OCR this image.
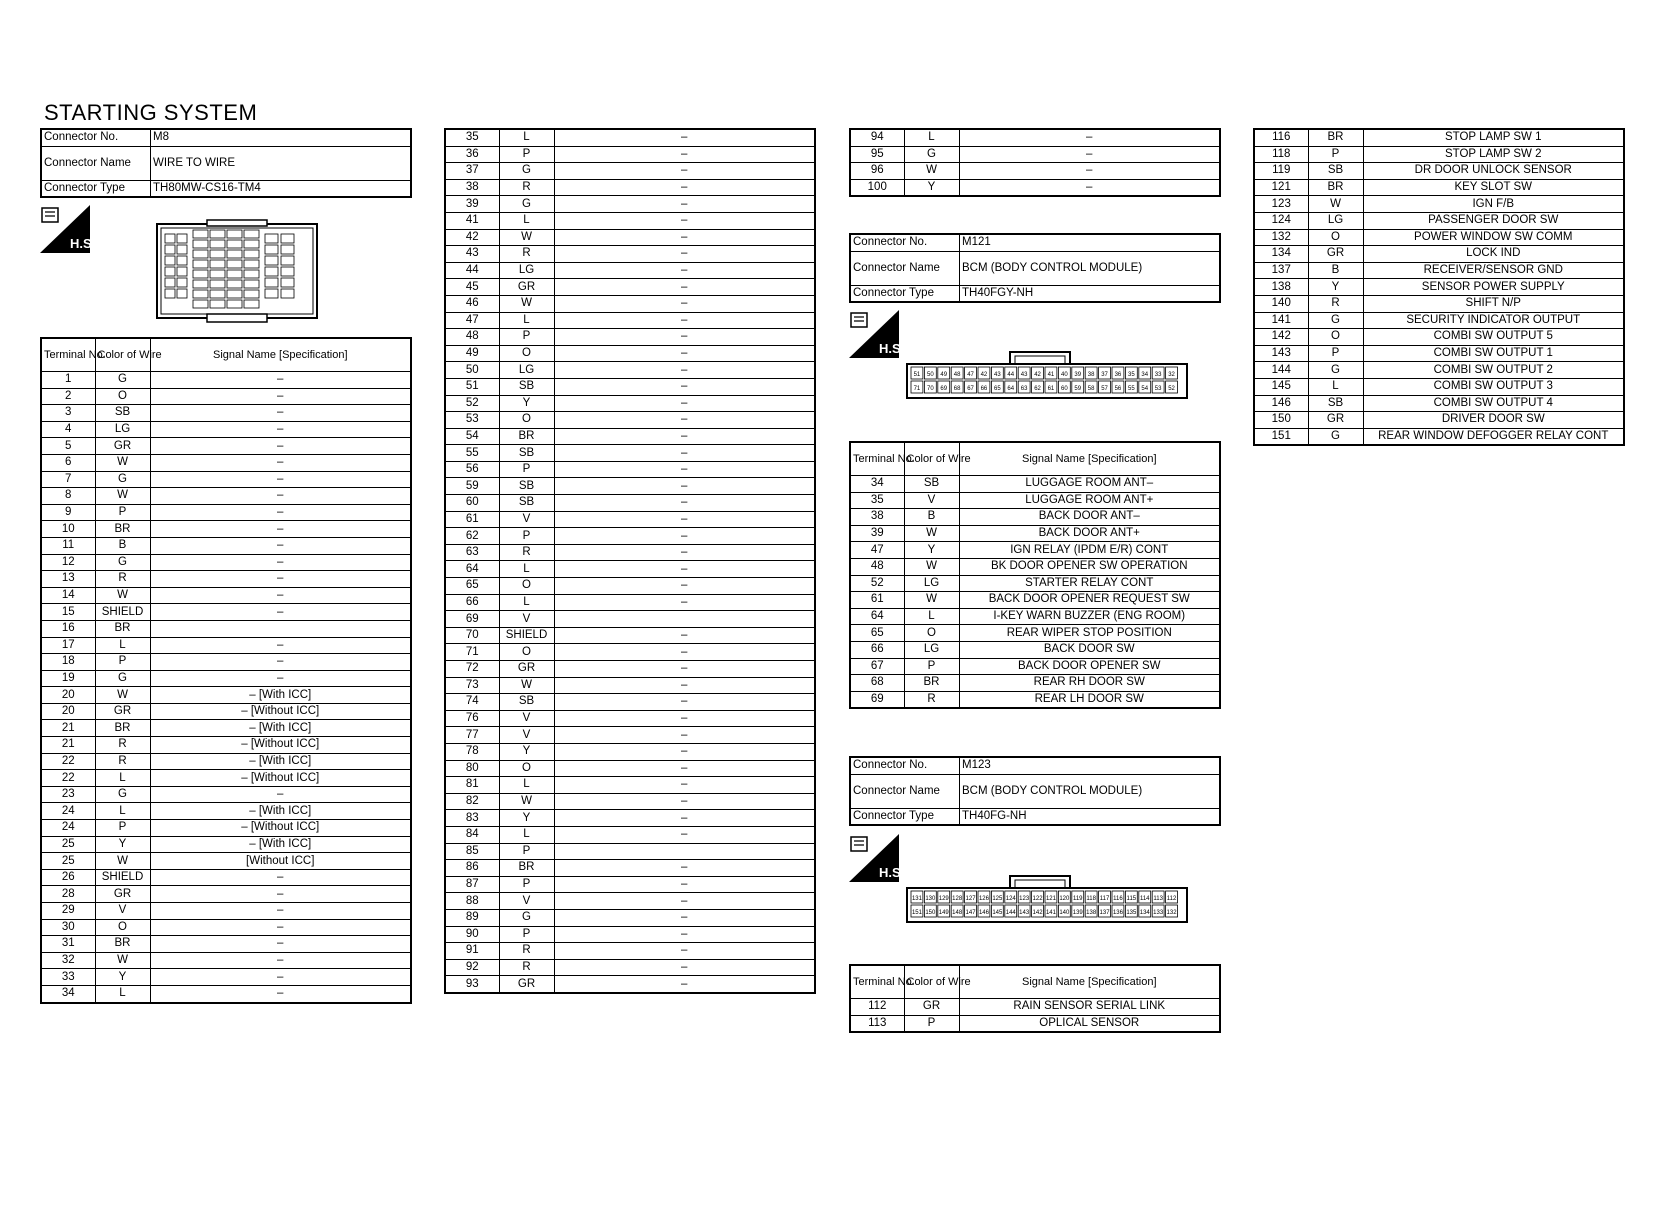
STARTING SYSTEM
Connector No.	M8
Connector Name	WIRE TO WIRE
Connector Type	TH80MW-CS16-TM4
H.S.
Terminal No.	Color of Wire	Signal Name [Specification]
1	G	–
2	O	–
3	SB	–
4	LG	–
5	GR	–
6	W	–
7	G	–
8	W	–
9	P	–
10	BR	–
11	B	–
12	G	–
13	R	–
14	W	–
15	SHIELD	–
16	BR	
17	L	–
18	P	–
19	G	–
20	W	– [With ICC]
20	GR	– [Without ICC]
21	BR	– [With ICC]
21	R	– [Without ICC]
22	R	– [With ICC]
22	L	– [Without ICC]
23	G	–
24	L	– [With ICC]
24	P	– [Without ICC]
25	Y	– [With ICC]
25	W	[Without ICC]
26	SHIELD	–
28	GR	–
29	V	–
30	O	–
31	BR	–
32	W	–
33	Y	–
34	L	–
35	L	–
36	P	–
37	G	–
38	R	–
39	G	–
41	L	–
42	W	–
43	R	–
44	LG	–
45	GR	–
46	W	–
47	L	–
48	P	–
49	O	–
50	LG	–
51	SB	–
52	Y	–
53	O	–
54	BR	–
55	SB	–
56	P	–
59	SB	–
60	SB	–
61	V	–
62	P	–
63	R	–
64	L	–
65	O	–
66	L	–
69	V	
70	SHIELD	–
71	O	–
72	GR	–
73	W	–
74	SB	–
76	V	–
77	V	–
78	Y	–
80	O	–
81	L	–
82	W	–
83	Y	–
84	L	–
85	P	
86	BR	–
87	P	–
88	V	–
89	G	–
90	P	–
91	R	–
92	R	–
93	GR	–
94	L	–
95	G	–
96	W	–
100	Y	–
Connector No.	M121
Connector Name	BCM (BODY CONTROL MODULE)
Connector Type	TH40FGY-NH
H.S.
51 50 49 48 47 42 43 44 43 42 41 40 39 38 37 36 35 34 33 32
71 70 69 68 67 66 65 64 63 62 61 60 59 58 57 56 55 54 53 52
Terminal No.	Color of Wire	Signal Name [Specification]
34	SB	LUGGAGE ROOM ANT–
35	V	LUGGAGE ROOM ANT+
38	B	BACK DOOR ANT–
39	W	BACK DOOR ANT+
47	Y	IGN RELAY (IPDM E/R) CONT
48	W	BK DOOR OPENER SW OPERATION
52	LG	STARTER RELAY CONT
61	W	BACK DOOR OPENER REQUEST SW
64	L	I-KEY WARN BUZZER (ENG ROOM)
65	O	REAR WIPER STOP POSITION
66	LG	BACK DOOR SW
67	P	BACK DOOR OPENER SW
68	BR	REAR RH DOOR SW
69	R	REAR LH DOOR SW
Connector No.	M123
Connector Name	BCM (BODY CONTROL MODULE)
Connector Type	TH40FG-NH
H.S.
131 130 129 128 127 126 125 124 123 122 121 120 119 118 117 116 115 114 113 112
151 150 149 148 147 146 145 144 143 142 141 140 139 138 137 136 135 134 133 132
Terminal No.	Color of Wire	Signal Name [Specification]
112	GR	RAIN SENSOR SERIAL LINK
113	P	OPLICAL SENSOR
116	BR	STOP LAMP SW 1
118	P	STOP LAMP SW 2
119	SB	DR DOOR UNLOCK SENSOR
121	BR	KEY SLOT SW
123	W	IGN F/B
124	LG	PASSENGER DOOR SW
132	O	POWER WINDOW SW COMM
134	GR	LOCK IND
137	B	RECEIVER/SENSOR GND
138	Y	SENSOR POWER SUPPLY
140	R	SHIFT N/P
141	G	SECURITY INDICATOR OUTPUT
142	O	COMBI SW OUTPUT 5
143	P	COMBI SW OUTPUT 1
144	G	COMBI SW OUTPUT 2
145	L	COMBI SW OUTPUT 3
146	SB	COMBI SW OUTPUT 4
150	GR	DRIVER DOOR SW
151	G	REAR WINDOW DEFOGGER RELAY CONT
